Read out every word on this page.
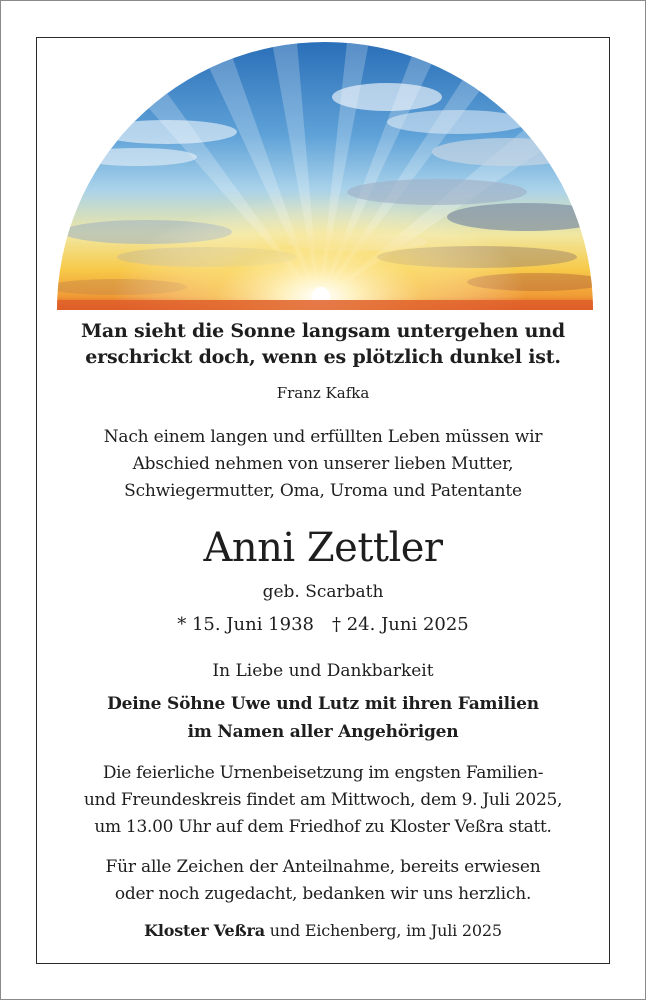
Man sieht die Sonne langsam untergehen und
erschrickt doch, wenn es plötzlich dunkel ist.
Franz Kafka
Nach einem langen und erfüllten Leben müssen wir
Abschied nehmen von unserer lieben Mutter,
Schwiegermutter, Oma, Uroma und Patentante
Anni Zettler
geb. Scarbath
* 15. Juni 1938 † 24. Juni 2025
In Liebe und Dankbarkeit
Deine Söhne Uwe und Lutz mit ihren Familien
im Namen aller Angehörigen
Die feierliche Urnenbeisetzung im engsten Familien-
und Freundeskreis findet am Mittwoch, dem 9. Juli 2025,
um 13.00 Uhr auf dem Friedhof zu Kloster Veßra statt.
Für alle Zeichen der Anteilnahme, bereits erwiesen
oder noch zugedacht, bedanken wir uns herzlich.
Kloster Veßra und Eichenberg, im Juli 2025
